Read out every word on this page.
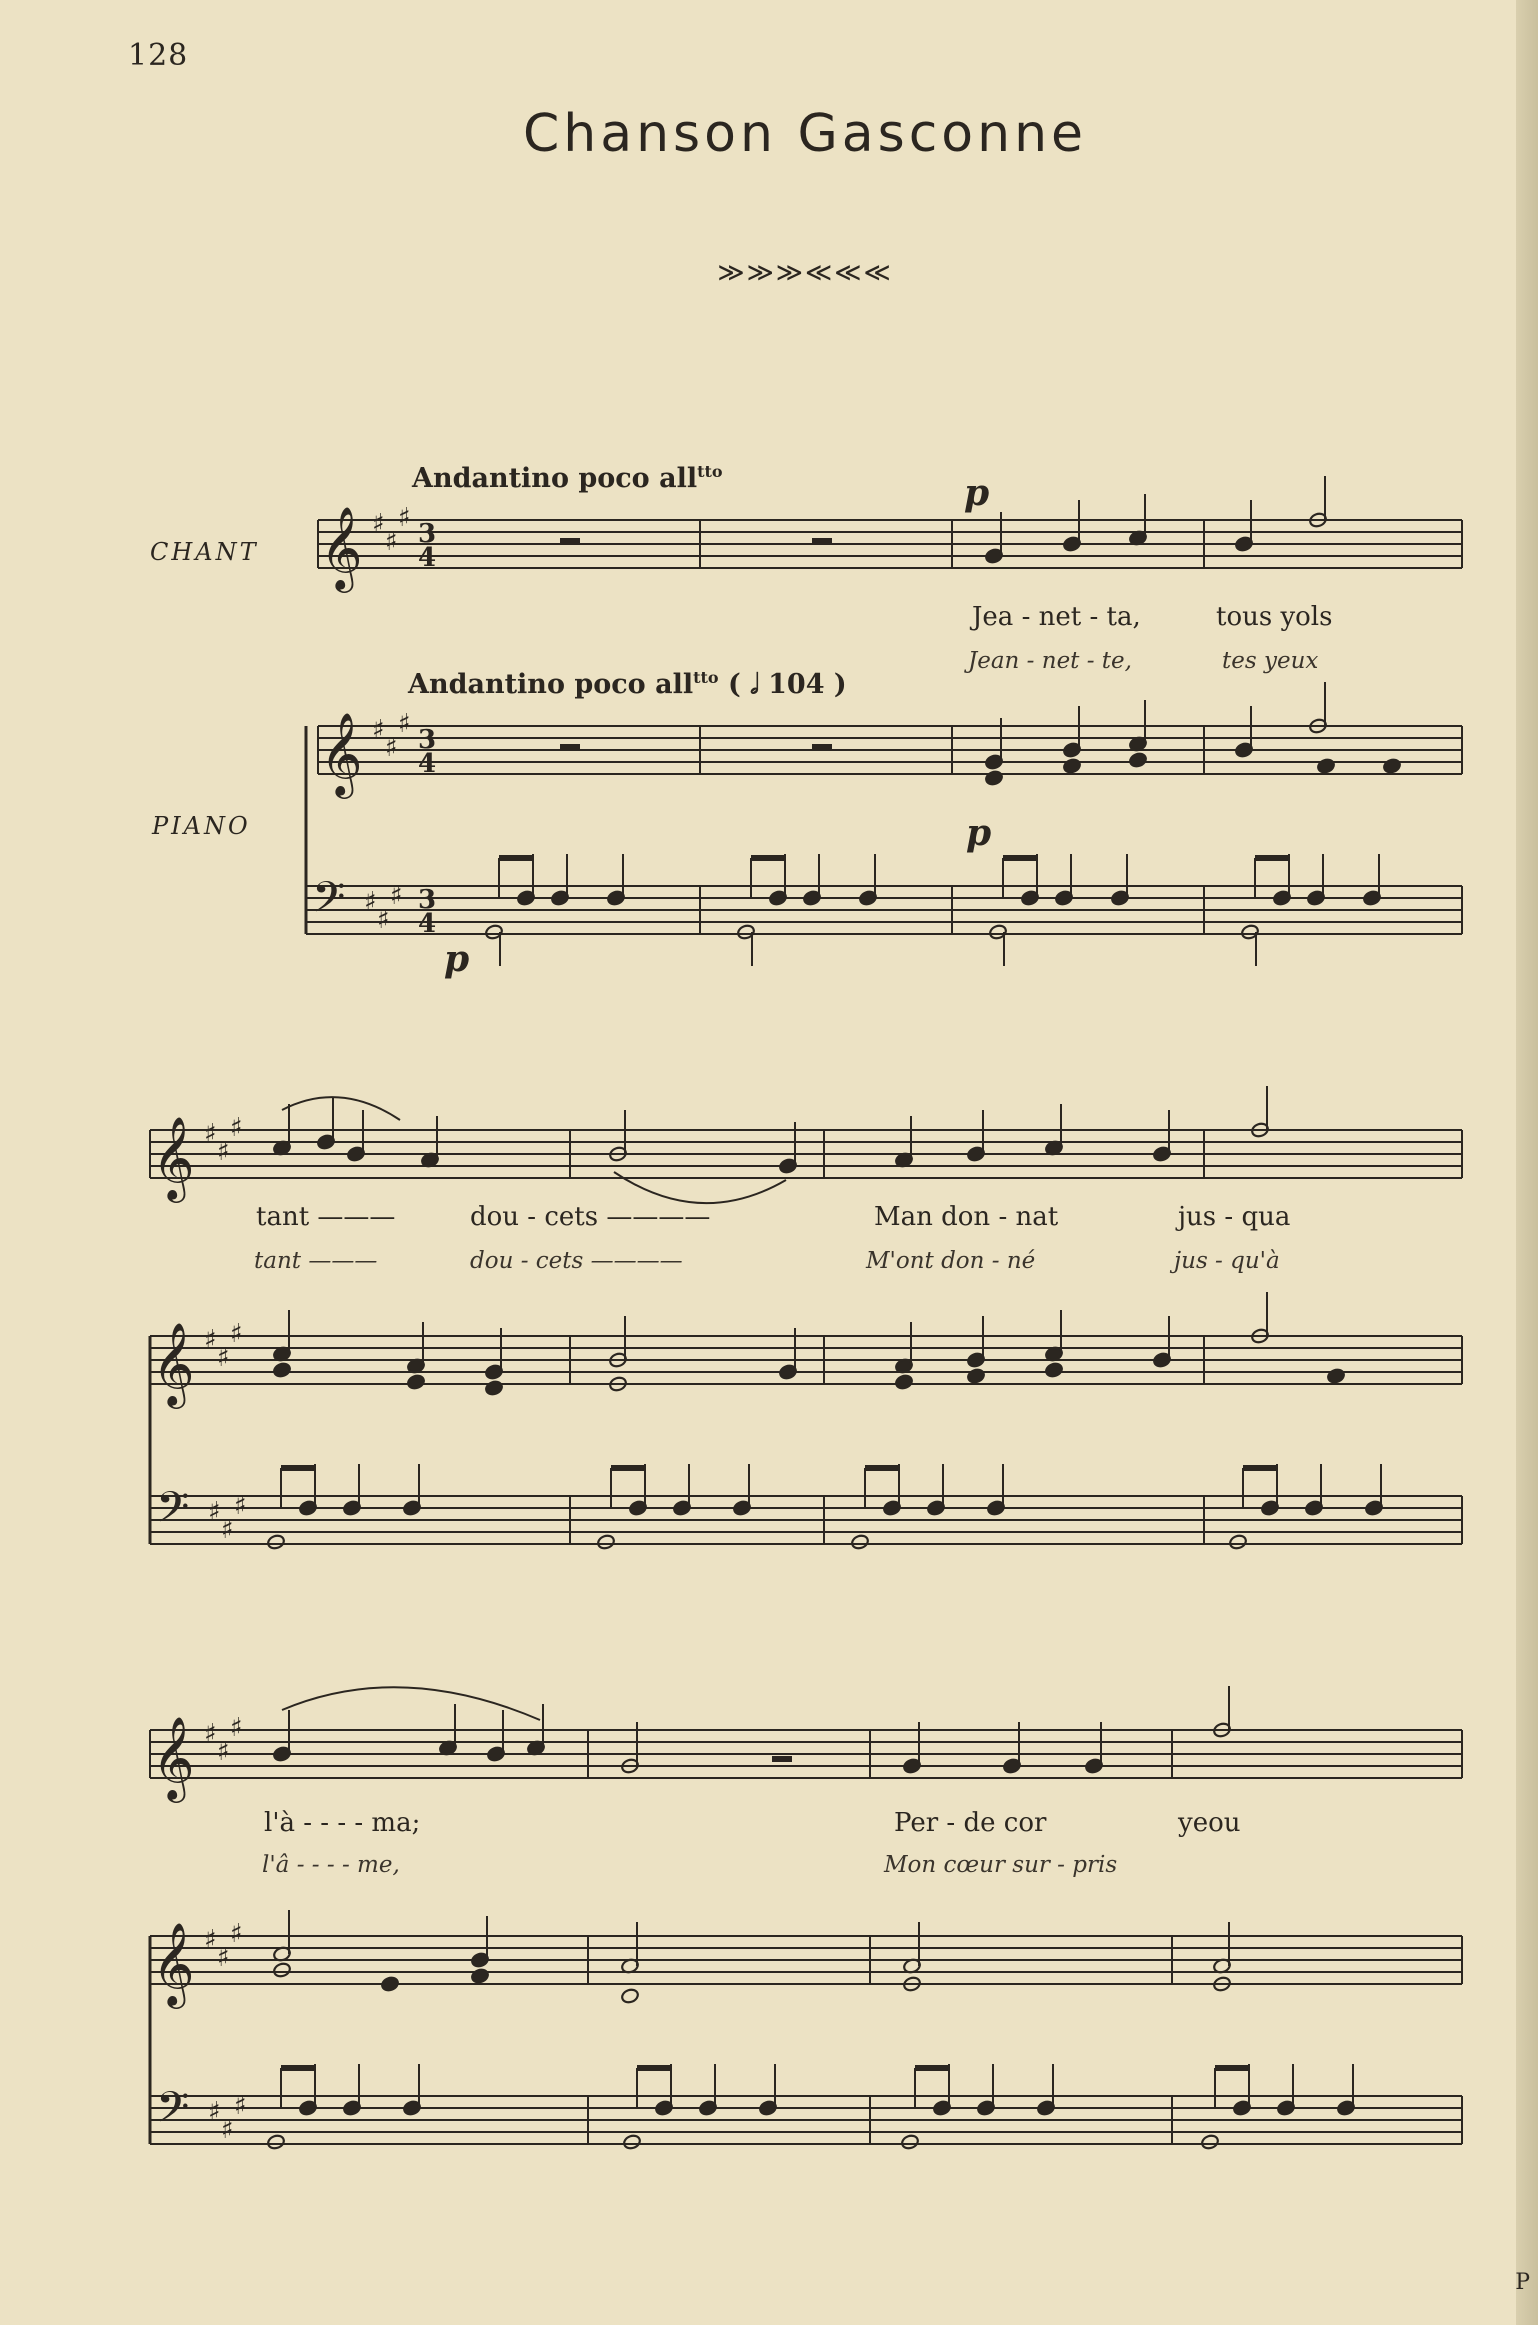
128
Chanson Gasconne
≫≫≫≪≪≪
Andantino poco all$^{tto}$
Andantino poco all$^{tto}$ ( 𝅗𝅥 104 )
CHANT
PIANO
p
p
p
Jea - net - ta,	tous yols
Jean - net - te,	tes yeux
tant ———	dou - cets ————	Man don - nat	jus - qua
tant ———	dou - cets ————	M'ont don - né	jus - qu'à
l'à - - - - ma;	Per - de cor	yeou
l'â - - - - me,	Mon cœur sur - pris
P
𝄞 ♯
♯
♯
3
4
𝄞 ♯
♯
♯
3
4
𝄢 ♯
♯
♯ 3
4
𝄞 ♯
♯
♯
𝄞 ♯
♯
♯
𝄢 ♯
♯
♯
𝄞 ♯
♯
♯
𝄞 ♯
♯
♯
𝄢 ♯
♯
♯
